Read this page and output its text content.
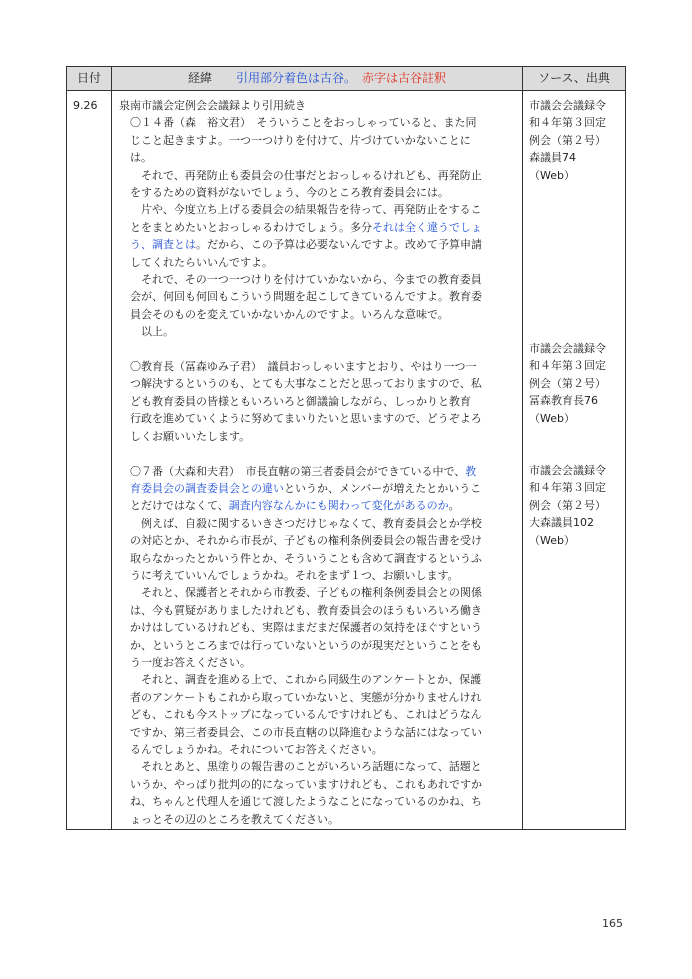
日付	経緯　　 引用部分着色は古谷。　 赤字は古谷註釈	ソース、出典
9.26 泉南市議会定例会会議録より引用続き
　〇１４番（森　裕文君）　そういうことをおっしゃっていると、また同
　じこと起きますよ。一つ一つけりを付けて、片づけていかないことに
　は。
　　それで、再発防止も委員会の仕事だとおっしゃるけれども、再発防止
　をするための資料がないでしょう、今のところ教育委員会には。
　　片や、今度立ち上げる委員会の結果報告を待って、再発防止をするこ
　とをまとめたいとおっしゃるわけでしょう。多分それは全く違うでしょ
　う、調査とは。だから、この予算は必要ないんですよ。改めて予算申請
　してくれたらいいんですよ。
　　それで、その一つ一つけりを付けていかないから、今までの教育委員
　会が、何回も何回もこういう問題を起こしてきているんですよ。教育委
　員会そのものを変えていかないかんのですよ。いろんな意味で。
　　以上。
　〇教育長（冨森ゆみ子君）　議員おっしゃいますとおり、やはり一つ一
　つ解決するというのも、とても大事なことだと思っておりますので、私
　ども教育委員の皆様ともいろいろと御議論しながら、しっかりと教育
　行政を進めていくように努めてまいりたいと思いますので、どうぞよろ
　しくお願いいたします。
　〇７番（大森和夫君）　市長直轄の第三者委員会ができている中で、教
　育委員会の調査委員会との違いというか、メンバーが増えたとかいうこ
　とだけではなくて、調査内容なんかにも関わって変化があるのか。
　　例えば、自殺に関するいきさつだけじゃなくて、教育委員会とか学校
　の対応とか、それから市長が、子どもの権利条例委員会の報告書を受け
　取らなかったとかいう件とか、そういうことも含めて調査するというふ
　うに考えていいんでしょうかね。それをまず１つ、お願いします。
　　それと、保護者とそれから市教委、子どもの権利条例委員会との関係
　は、今も質疑がありましたけれども、教育委員会のほうもいろいろ働き
　かけはしているけれども、実際はまだまだ保護者の気持をほぐすという
　か、というところまでは行っていないというのが現実だということをも
　う一度お答えください。
　　それと、調査を進める上で、これから同級生のアンケートとか、保護
　者のアンケートもこれから取っていかないと、実態が分かりませんけれ
　ども、これも今ストップになっているんですけれども、これはどうなん
　ですか、第三者委員会、この市長直轄の以降進むような話にはなってい
　るんでしょうかね。それについてお答えください。
　　それとあと、黒塗りの報告書のことがいろいろ話題になって、話題と
　いうか、やっぱり批判の的になっていますけれども、これもあれですか
　ね、ちゃんと代理人を通じて渡したようなことになっているのかね、ち
　ょっとその辺のところを教えてください。
市議会会議録令
和４年第３回定
例会（第２号）
森議員74
（Web）
市議会会議録令
和４年第３回定
例会（第２号）
冨森教育長76
（Web）
市議会会議録令
和４年第３回定
例会（第２号）
大森議員102
（Web）
165
